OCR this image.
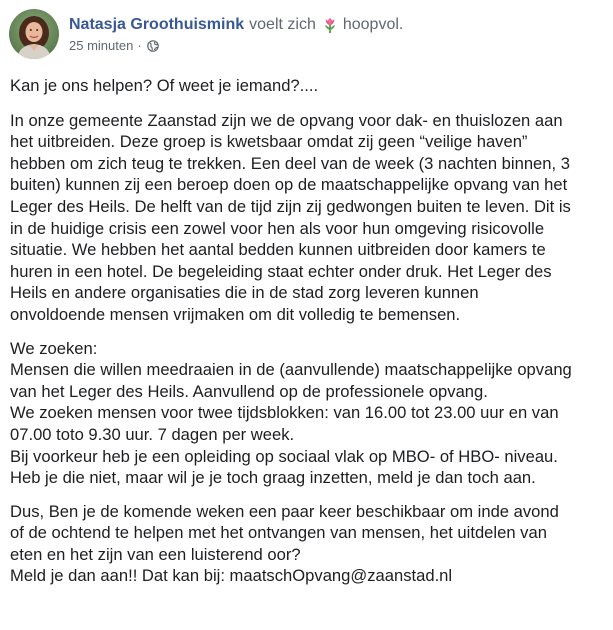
Natasja Groothuismink voelt zich hoopvol.
25 minuten ·

Kan je ons helpen? Of weet je iemand?....

In onze gemeente Zaanstad zijn we de opvang voor dak- en thuislozen aan
het uitbreiden. Deze groep is kwetsbaar omdat zij geen “veilige haven”
hebben om zich teug te trekken. Een deel van de week (3 nachten binnen, 3
buiten) kunnen zij een beroep doen op de maatschappelijke opvang van het
Leger des Heils. De helft van de tijd zijn zij gedwongen buiten te leven. Dit is
in de huidige crisis een zowel voor hen als voor hun omgeving risicovolle
situatie. We hebben het aantal bedden kunnen uitbreiden door kamers te
huren in een hotel. De begeleiding staat echter onder druk. Het Leger des
Heils en andere organisaties die in de stad zorg leveren kunnen
onvoldoende mensen vrijmaken om dit volledig te bemensen.

We zoeken:
Mensen die willen meedraaien in de (aanvullende) maatschappelijke opvang
van het Leger des Heils. Aanvullend op de professionele opvang.
We zoeken mensen voor twee tijdsblokken: van 16.00 tot 23.00 uur en van
07.00 toto 9.30 uur. 7 dagen per week.
Bij voorkeur heb je een opleiding op sociaal vlak op MBO- of HBO- niveau.
Heb je die niet, maar wil je je toch graag inzetten, meld je dan toch aan.

Dus, Ben je de komende weken een paar keer beschikbaar om inde avond
of de ochtend te helpen met het ontvangen van mensen, het uitdelen van
eten en het zijn van een luisterend oor?

Meld je dan aan!! Dat kan bij: maatschOpvang@zaanstad.nl
